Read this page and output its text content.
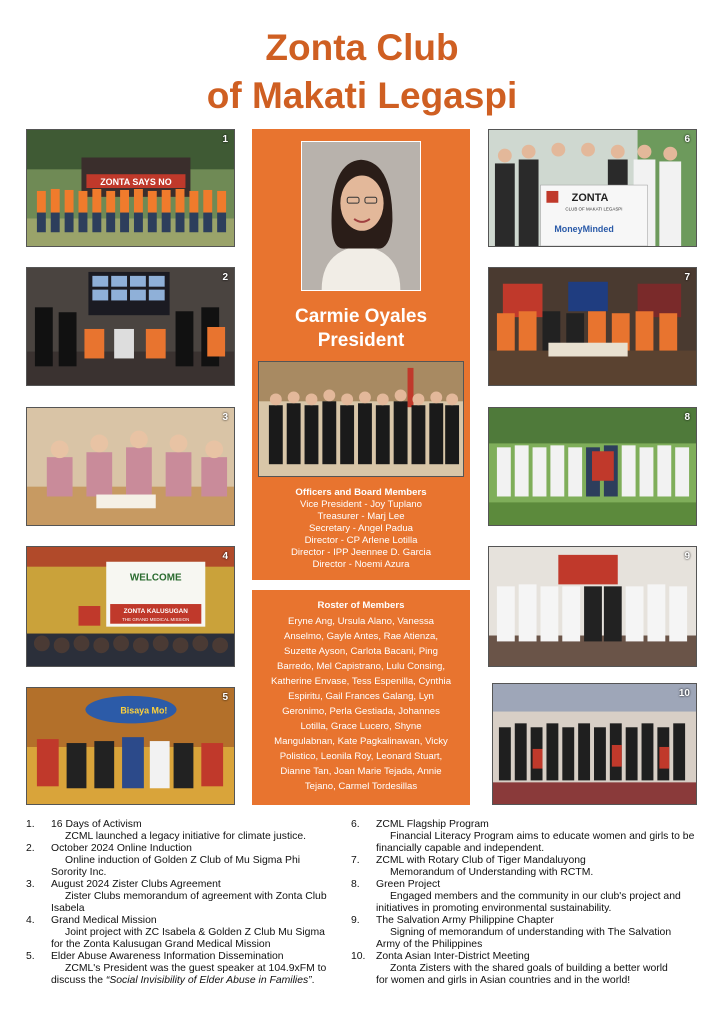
Zonta Club
of Makati Legaspi
ZONTA SAYS NO
1
2
3
WELCOME
ZONTA KALUSUGAN
THE GRAND MEDICAL MISSION
4
Bisaya Mo!
5
Carmie Oyales
President
Officers and Board Members
Vice President - Joy Tuplano
Treasurer - Marj Lee
Secretary - Angel Padua
Director - CP Arlene Lotilla
Director - IPP Jeennee D. Garcia
Director - Noemi Azura
Roster of Members
Eryne Ang, Ursula Alano, Vanessa
Anselmo, Gayle Antes, Rae Atienza,
Suzette Ayson, Carlota Bacani, Ping
Barredo, Mel Capistrano, Lulu Consing,
Katherine Envase, Tess Espenilla, Cynthia
Espiritu, Gail Frances Galang, Lyn
Geronimo, Perla Gestiada, Johannes
Lotilla, Grace Lucero, Shyne
Mangulabnan, Kate Pagkalinawan, Vicky
Polistico, Leonila Roy, Leonard Stuart,
Dianne Tan, Joan Marie Tejada, Annie
Tejano, Carmel Tordesillas
www.zontaclubmakati-legaspi.org
ZONTA
CLUB OF MAKATI LEGASPI
MoneyMinded
6
7
8
9
10
1. 16 Days of Activism
ZCML launched a legacy initiative for climate justice.
2. October 2024 Online Induction
Online induction of Golden Z Club of Mu Sigma Phi
Sorority Inc.
3. August 2024 Zister Clubs Agreement
Zister Clubs memorandum of agreement with Zonta Club
Isabela
4. Grand Medical Mission
Joint project with ZC Isabela & Golden Z Club Mu Sigma
for the Zonta Kalusugan Grand Medical Mission
5. Elder Abuse Awareness Information Dissemination
ZCML's President was the guest speaker at 104.9xFM to
discuss the “Social Invisibility of Elder Abuse in Families”.
6. ZCML Flagship Program
Financial Literacy Program aims to educate women and girls to be
financially capable and independent.
7. ZCML with Rotary Club of Tiger Mandaluyong
Memorandum of Understanding with RCTM.
8. Green Project
Engaged members and the community in our club's project and
initiatives in promoting environmental sustainability.
9. The Salvation Army Philippine Chapter
Signing of memorandum of understanding with The Salvation
Army of the Philippines
10. Zonta Asian Inter-District Meeting
Zonta Zisters with the shared goals of building a better world
for women and girls in Asian countries and in the world!
